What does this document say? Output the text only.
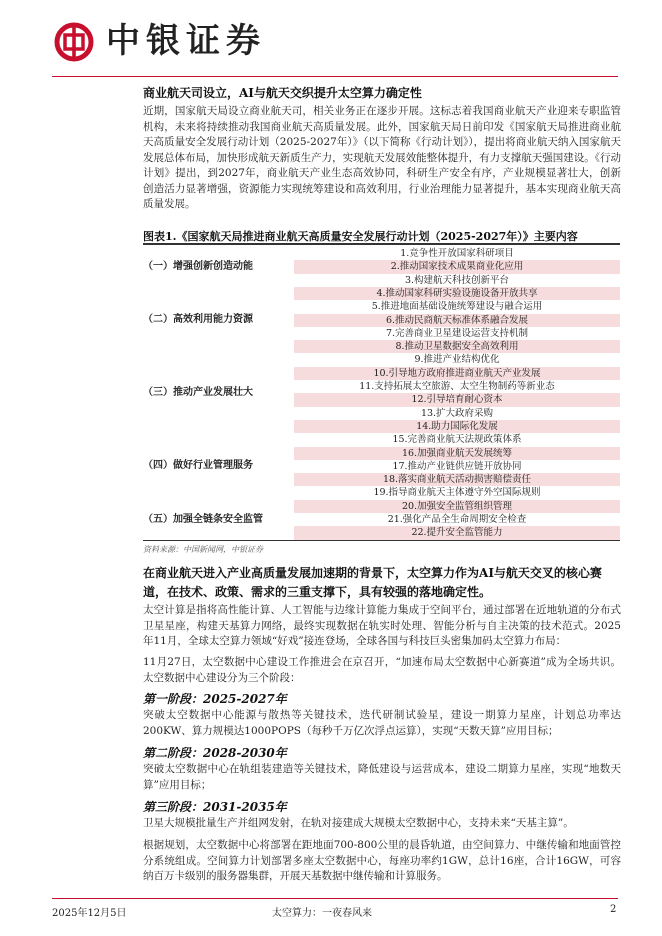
中银证券
商业航天司设立，AI与航天交织提升太空算力确定性
近期，国家航天局设立商业航天司，相关业务正在逐步开展。这标志着我国商业航天产业迎来专职监管机构，未来将持续推动我国商业航天高质量发展。此外，国家航天局日前印发《国家航天局推进商业航天高质量安全发展行动计划（2025-2027年）》（以下简称《行动计划》），提出将商业航天纳入国家航天发展总体布局，加快形成航天新质生产力，实现航天发展效能整体提升，有力支撑航天强国建设。《行动计划》提出，到2027年，商业航天产业生态高效协同，科研生产安全有序，产业规模显著壮大，创新创造活力显著增强，资源能力实现统筹建设和高效利用，行业治理能力显著提升，基本实现商业航天高质量发展。
图表1.《国家航天局推进商业航天高质量安全发展行动计划（2025-2027年）》主要内容
1.竞争性开放国家科研项目
2.推动国家技术成果商业化应用
3.构建航天科技创新平台
（一）增强创新创造动能
4.推动国家科研实验设施设备开放共享
5.推进地面基础设施统筹建设与融合运用
6.推动民商航天标准体系融合发展
7.完善商业卫星建设运营支持机制
8.推动卫星数据安全高效利用
（二）高效利用能力资源
9.推进产业结构优化
10.引导地方政府推进商业航天产业发展
11.支持拓展太空旅游、太空生物制药等新业态
12.引导培育耐心资本
13.扩大政府采购
14.助力国际化发展
（三）推动产业发展壮大
15.完善商业航天法规政策体系
16.加强商业航天发展统筹
17.推动产业链供应链开放协同
18.落实商业航天活动损害赔偿责任
19.指导商业航天主体遵守外空国际规则
（四）做好行业管理服务
20.加强安全监管组织管理
21.强化产品全生命周期安全检查
22.提升安全监管能力
（五）加强全链条安全监管
资料来源：中国新闻网，中银证券
在商业航天进入产业高质量发展加速期的背景下，太空算力作为AI与航天交叉的核心赛道，在技术、政策、需求的三重支撑下，具有较强的落地确定性。
太空计算是指将高性能计算、人工智能与边缘计算能力集成于空间平台，通过部署在近地轨道的分布式卫星星座，构建天基算力网络，最终实现数据在轨实时处理、智能分析与自主决策的技术范式。2025年11月，全球太空算力领域“好戏”接连登场，全球各国与科技巨头密集加码太空算力布局：
11月27日，太空数据中心建设工作推进会在京召开，“加速布局太空数据中心新赛道”成为全场共识。太空数据中心建设分为三个阶段：
第一阶段：2025-2027年
突破太空数据中心能源与散热等关键技术，迭代研制试验星，建设一期算力星座，计划总功率达200KW、算力规模达1000POPS（每秒千万亿次浮点运算），实现“天数天算”应用目标；
第二阶段：2028-2030年
突破太空数据中心在轨组装建造等关键技术，降低建设与运营成本，建设二期算力星座，实现“地数天算”应用目标；
第三阶段：2031-2035年
卫星大规模批量生产并组网发射，在轨对接建成大规模太空数据中心，支持未来“天基主算”。
根据规划，太空数据中心将部署在距地面700-800公里的晨昏轨道，由空间算力、中继传输和地面管控分系统组成。空间算力计划部署多座太空数据中心，每座功率约1GW，总计16座，合计16GW，可容纳百万卡级别的服务器集群，开展天基数据中继传输和计算服务。
2025年12月5日	太空算力：一夜春风来	2
